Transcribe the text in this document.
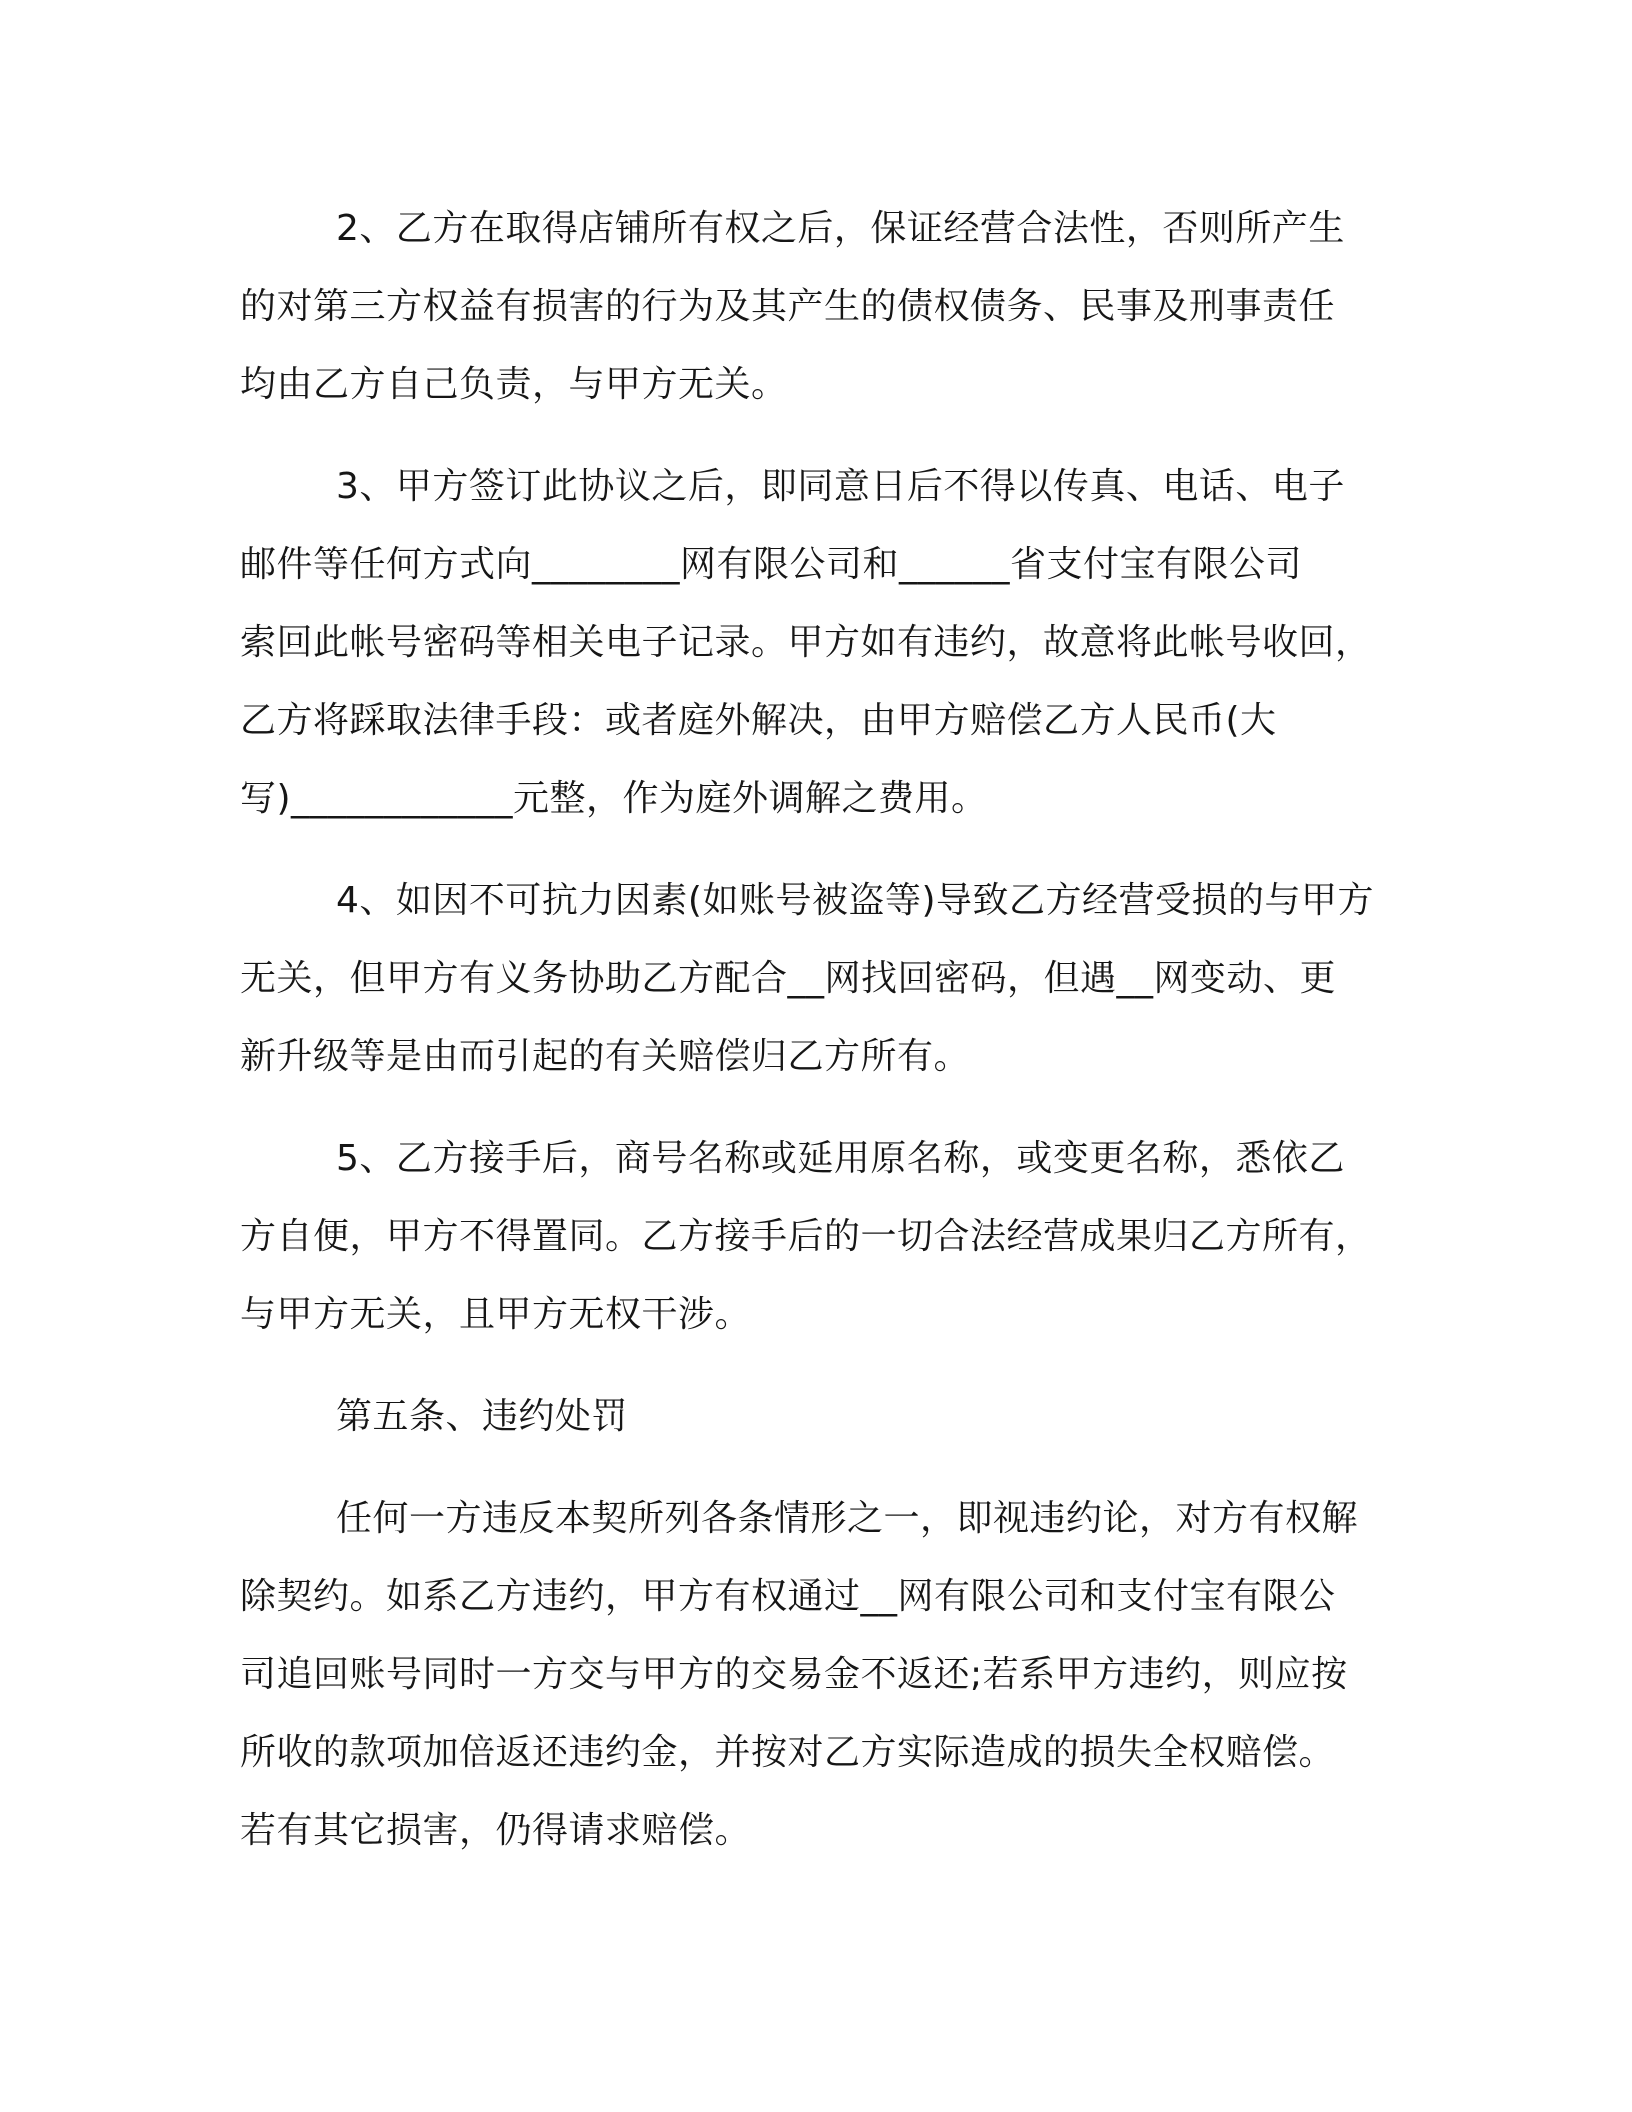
2、乙方在取得店铺所有权之后，保证经营合法性，否则所产生
的对第三方权益有损害的行为及其产生的债权债务、民事及刑事责任
均由乙方自己负责，与甲方无关。
3、甲方签订此协议之后，即同意日后不得以传真、电话、电子
邮件等任何方式向________网有限公司和______省支付宝有限公司
索回此帐号密码等相关电子记录。甲方如有违约，故意将此帐号收回，
乙方将踩取法律手段：或者庭外解决，由甲方赔偿乙方人民币(大
写)____________元整，作为庭外调解之费用。
4、如因不可抗力因素(如账号被盗等)导致乙方经营受损的与甲方
无关，但甲方有义务协助乙方配合__网找回密码，但遇__网变动、更
新升级等是由而引起的有关赔偿归乙方所有。
5、乙方接手后，商号名称或延用原名称，或变更名称，悉依乙
方自便，甲方不得置同。乙方接手后的一切合法经营成果归乙方所有，
与甲方无关，且甲方无权干涉。
第五条、违约处罚
任何一方违反本契所列各条情形之一，即视违约论，对方有权解
除契约。如系乙方违约，甲方有权通过__网有限公司和支付宝有限公
司追回账号同时一方交与甲方的交易金不返还;若系甲方违约，则应按
所收的款项加倍返还违约金，并按对乙方实际造成的损失全权赔偿。
若有其它损害，仍得请求赔偿。
